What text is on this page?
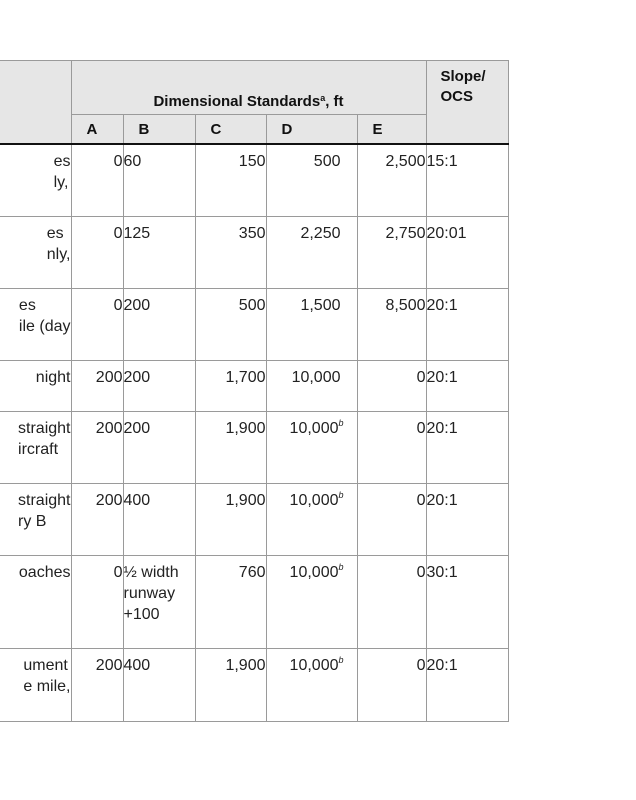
	Dimensional Standards$^a$, ft					Slope/ OCS
	A	B	C	D	E	
es
ly,	0	60	150	500	2,500	15:1
es
nly,	0	125	350	2,250	2,750	20:01
es
ile (day	0	200	500	1,500	8,500	20:1
night	200	200	1,700	10,000	0	20:1
straight
ircraft	200	200	1,900	10,000$^b$	0	20:1
straight
ry B	200	400	1,900	10,000$^b$	0	20:1
oaches	0	½ width runway +100	760	10,000$^b$	0	30:1
ument
e mile,	200	400	1,900	10,000$^b$	0	20:1
